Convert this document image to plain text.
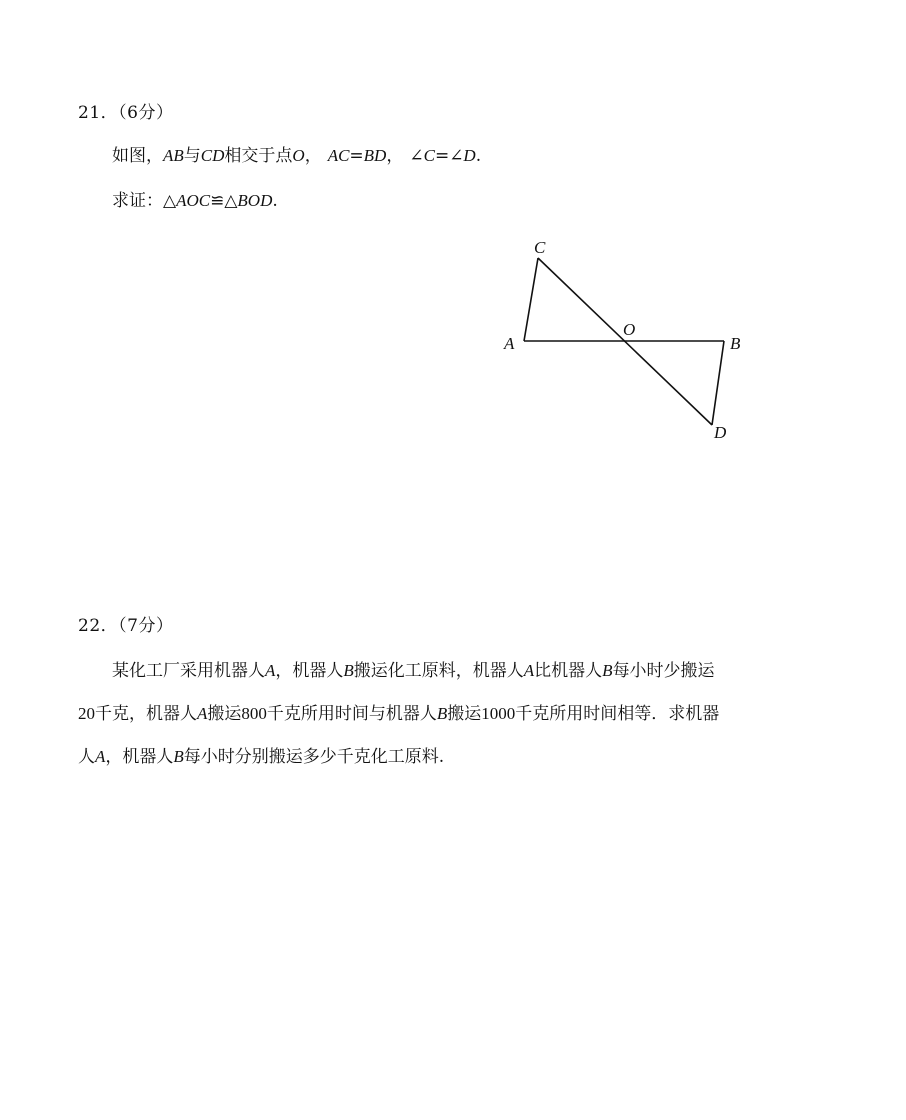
21．（6分）
如图，AB与CD相交于点O， AC=BD， ∠C=∠D.
求证：△AOC≌△BOD.
A	B
C
D
O
22．（7分）
某化工厂采用机器人A，机器人B搬运化工原料，机器人A比机器人B每小时少搬运
20千克，机器人A搬运800千克所用时间与机器人B搬运1000千克所用时间相等．求机器
人A，机器人B每小时分别搬运多少千克化工原料.
